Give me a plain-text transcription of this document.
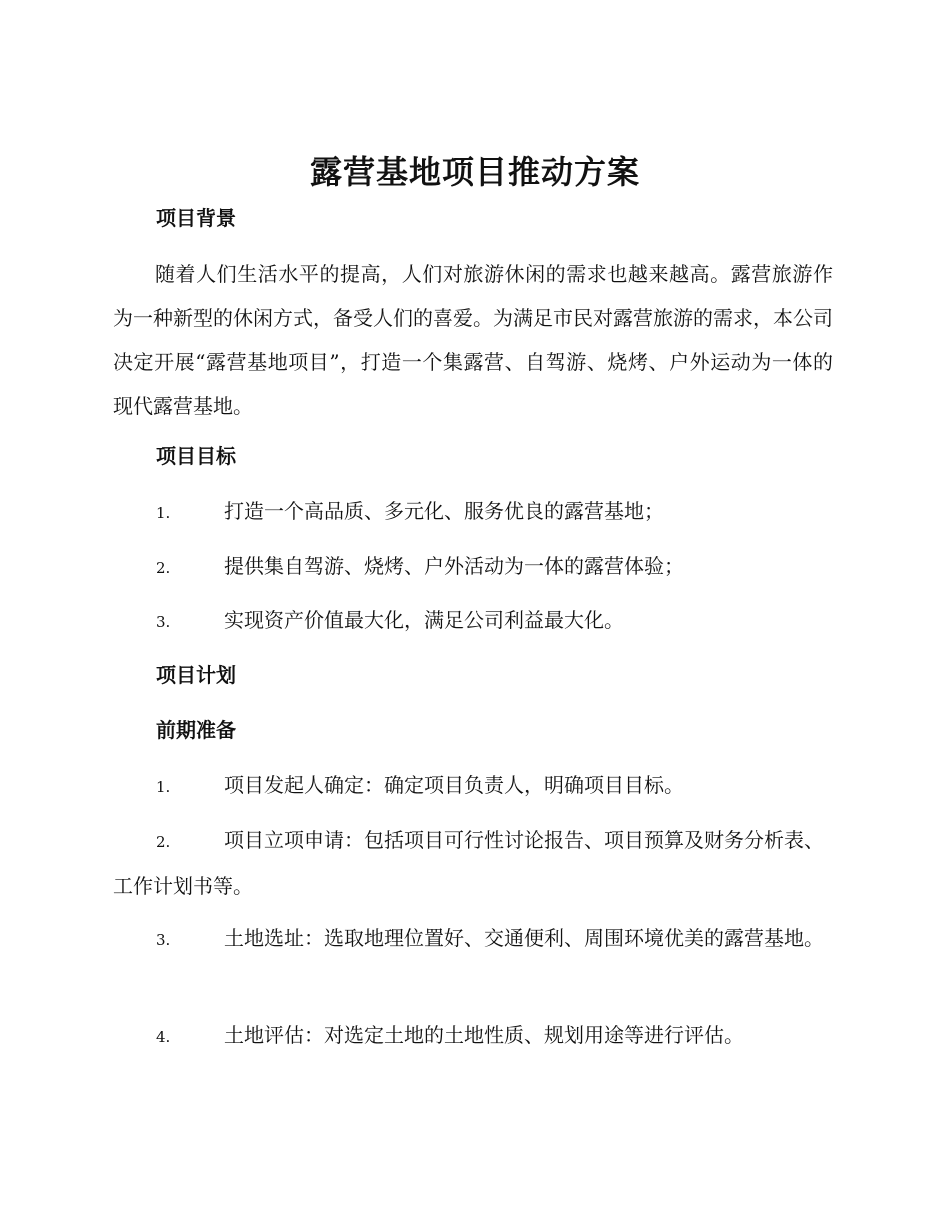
露营基地项目推动方案
项目背景
随着人们生活水平的提高，人们对旅游休闲的需求也越来越高。露营旅游作为一种新型的休闲方式，备受人们的喜爱。为满足市民对露营旅游的需求，本公司决定开展“露营基地项目”，打造一个集露营、自驾游、烧烤、户外运动为一体的现代露营基地。
项目目标
1.	打造一个高品质、多元化、服务优良的露营基地；
2.	提供集自驾游、烧烤、户外活动为一体的露营体验；
3.	实现资产价值最大化，满足公司利益最大化。
项目计划
前期准备
1.	项目发起人确定：确定项目负责人，明确项目目标。
2.	项目立项申请：包括项目可行性讨论报告、项目预算及财务分析表、工作计划书等。
3.	土地选址：选取地理位置好、交通便利、周围环境优美的露营基地。
4.	土地评估：对选定土地的土地性质、规划用途等进行评估。
